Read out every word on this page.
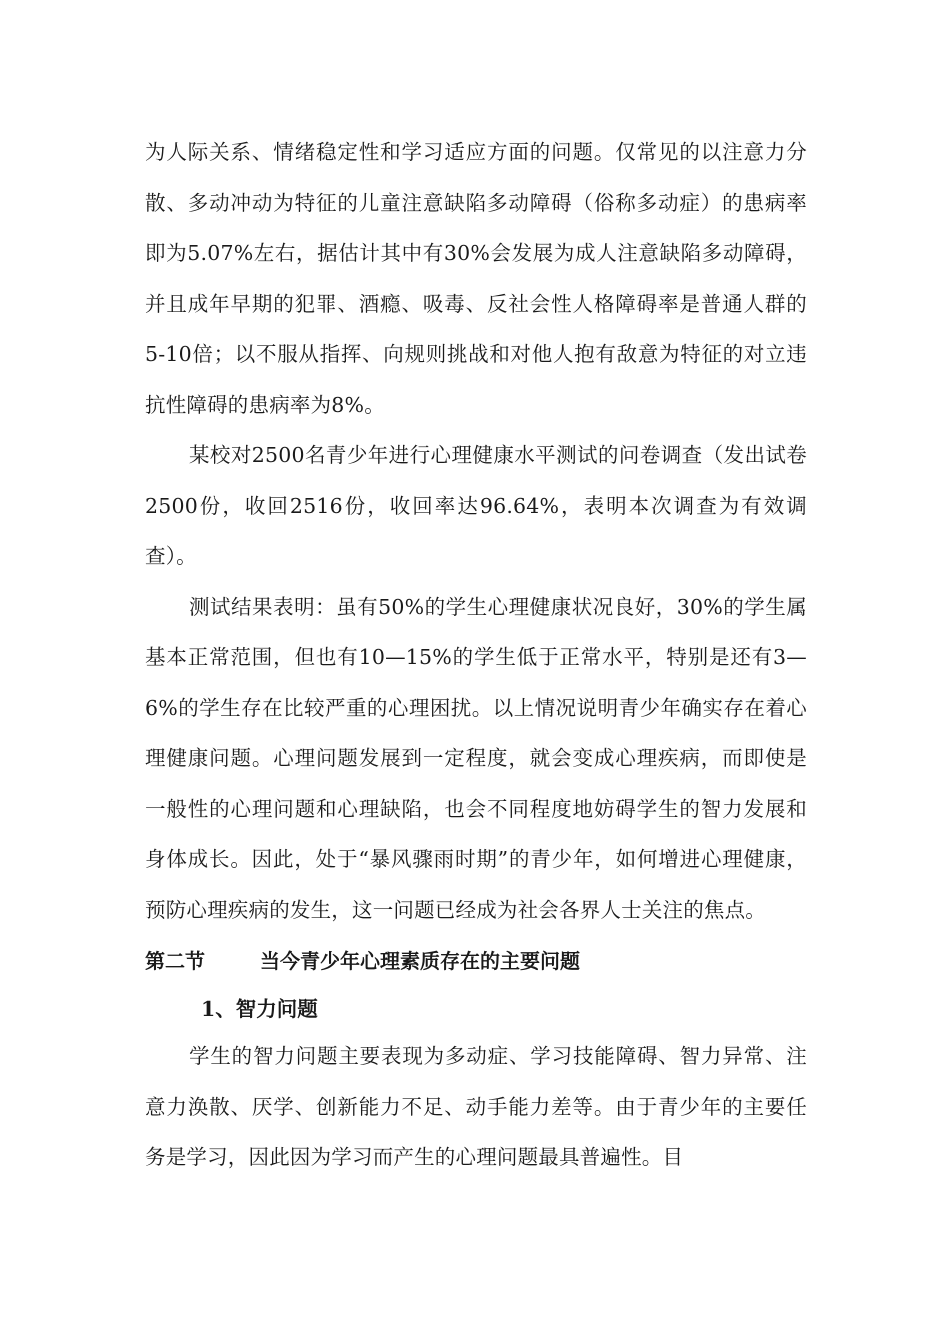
为人际关系、情绪稳定性和学习适应方面的问题。仅常见的以注意力分散、多动冲动为特征的儿童注意缺陷多动障碍（俗称多动症）的患病率即为5.07%左右，据估计其中有30%会发展为成人注意缺陷多动障碍，并且成年早期的犯罪、酒瘾、吸毒、反社会性人格障碍率是普通人群的5-10倍；以不服从指挥、向规则挑战和对他人抱有敌意为特征的对立违抗性障碍的患病率为8%。

某校对2500名青少年进行心理健康水平测试的问卷调查（发出试卷2500份，收回2516份，收回率达96.64%，表明本次调查为有效调查）。

测试结果表明：虽有50%的学生心理健康状况良好，30%的学生属基本正常范围，但也有10—15%的学生低于正常水平，特别是还有3—6%的学生存在比较严重的心理困扰。以上情况说明青少年确实存在着心理健康问题。心理问题发展到一定程度，就会变成心理疾病，而即使是一般性的心理问题和心理缺陷，也会不同程度地妨碍学生的智力发展和身体成长。因此，处于“暴风骤雨时期”的青少年，如何增进心理健康，预防心理疾病的发生，这一问题已经成为社会各界人士关注的焦点。

第二节	当今青少年心理素质存在的主要问题
1、智力问题

学生的智力问题主要表现为多动症、学习技能障碍、智力异常、注意力涣散、厌学、创新能力不足、动手能力差等。由于青少年的主要任务是学习，因此因为学习而产生的心理问题最具普遍性。目
